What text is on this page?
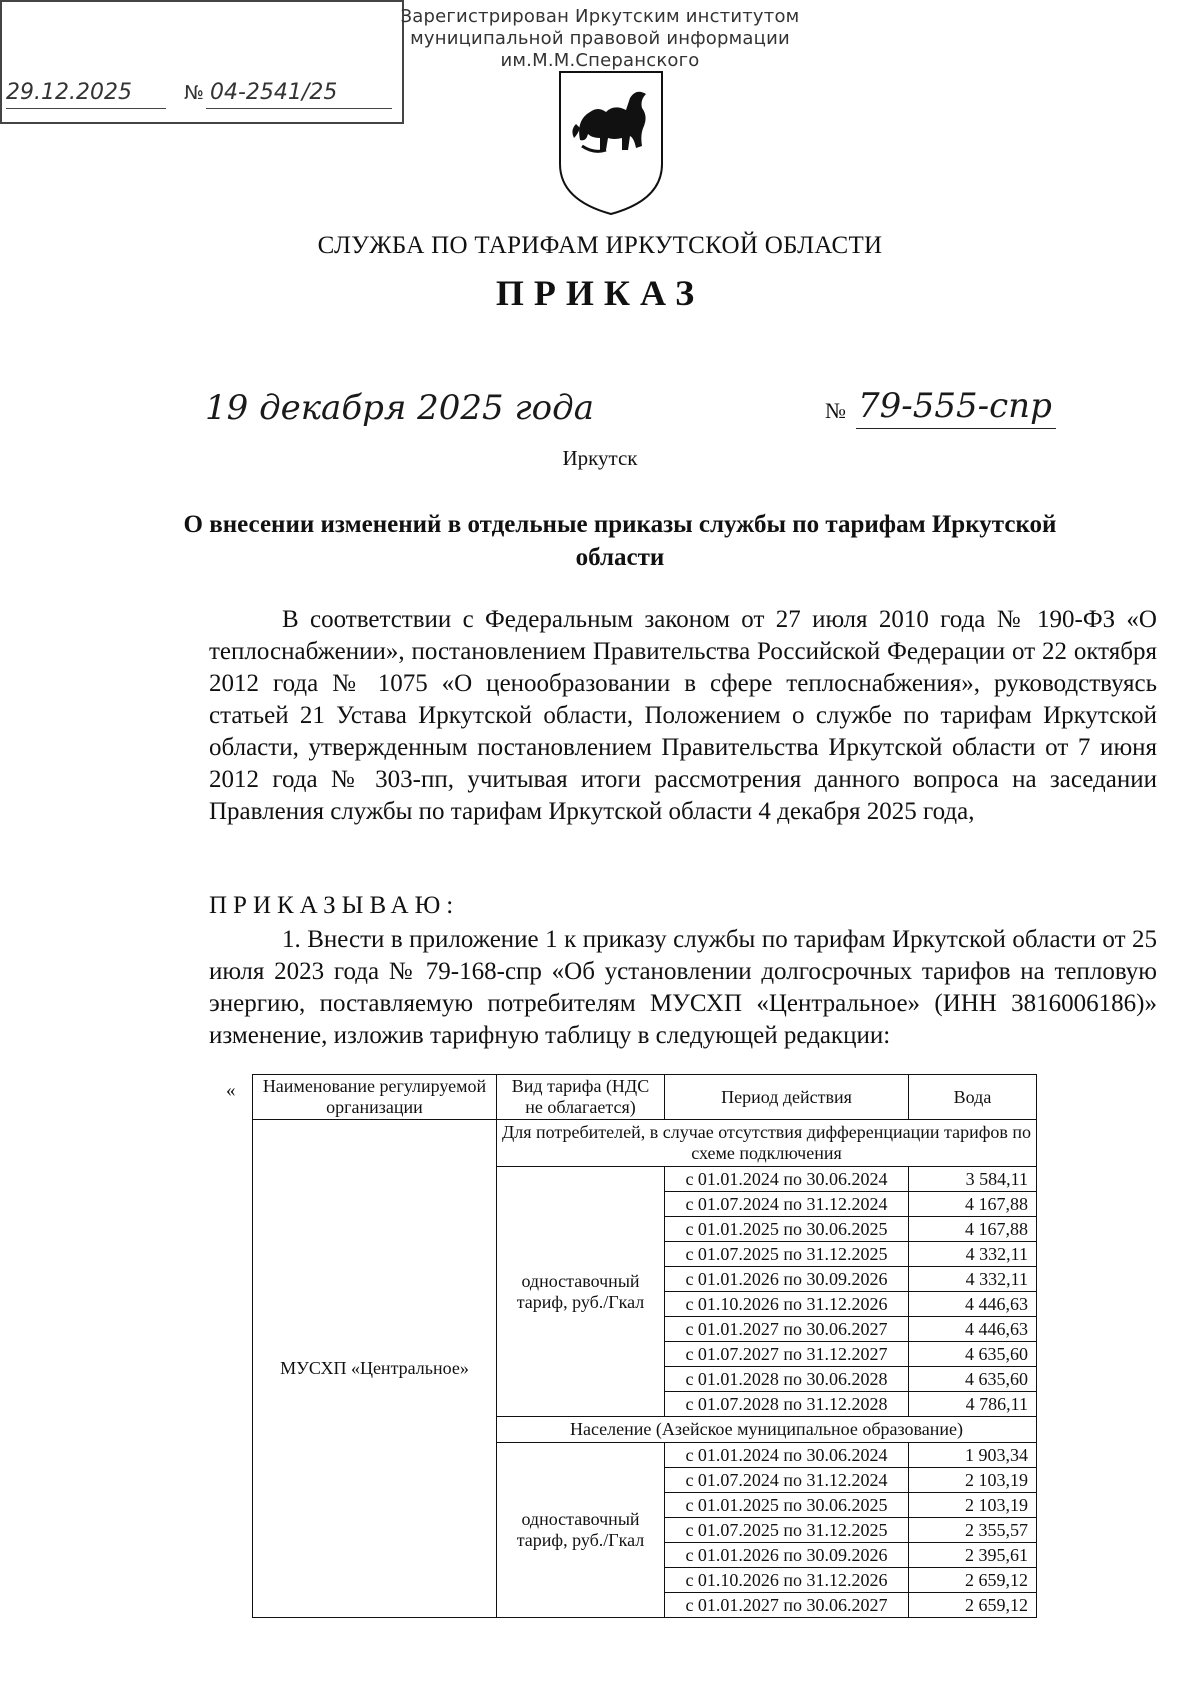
Зарегистрирован Иркутским институтом
муниципальной правовой информации
им.М.М.Сперанского
29.12.2025	№ 04-2541/25
СЛУЖБА ПО ТАРИФАМ ИРКУТСКОЙ ОБЛАСТИ
ПРИКАЗ
19 декабря 2025 года	№ 79-555-спр
Иркутск
О внесении изменений в отдельные приказы службы по тарифам Иркутской области
В соответствии с Федеральным законом от 27 июля 2010 года № 190-ФЗ «О теплоснабжении», постановлением Правительства Российской Федерации от 22 октября 2012 года № 1075 «О ценообразовании в сфере теплоснабжения», руководствуясь статьей 21 Устава Иркутской области, Положением о службе по тарифам Иркутской области, утвержденным постановлением Правительства Иркутской области от 7 июня 2012 года № 303-пп, учитывая итоги рассмотрения данного вопроса на заседании Правления службы по тарифам Иркутской области 4 декабря 2025 года,
ПРИКАЗЫВАЮ:
1. Внести в приложение 1 к приказу службы по тарифам Иркутской области от 25 июля 2023 года № 79-168-спр «Об установлении долгосрочных тарифов на тепловую энергию, поставляемую потребителям МУСХП «Центральное» (ИНН 3816006186)» изменение, изложив тарифную таблицу в следующей редакции:
« Наименование регулируемой организации	Вид тарифа (НДС не облагается)	Период действия	Вода
МУСХП «Центральное»	Для потребителей, в случае отсутствия дифференциации тарифов по схеме подключения		
	одноставочный тариф, руб./Гкал	с 01.01.2024 по 30.06.2024	3 584,11
		с 01.07.2024 по 31.12.2024	4 167,88
		с 01.01.2025 по 30.06.2025	4 167,88
		с 01.07.2025 по 31.12.2025	4 332,11
		с 01.01.2026 по 30.09.2026	4 332,11
		с 01.10.2026 по 31.12.2026	4 446,63
		с 01.01.2027 по 30.06.2027	4 446,63
		с 01.07.2027 по 31.12.2027	4 635,60
		с 01.01.2028 по 30.06.2028	4 635,60
		с 01.07.2028 по 31.12.2028	4 786,11
	Население (Азейское муниципальное образование)		
	одноставочный тариф, руб./Гкал	с 01.01.2024 по 30.06.2024	1 903,34
		с 01.07.2024 по 31.12.2024	2 103,19
		с 01.01.2025 по 30.06.2025	2 103,19
		с 01.07.2025 по 31.12.2025	2 355,57
		с 01.01.2026 по 30.09.2026	2 395,61
		с 01.10.2026 по 31.12.2026	2 659,12
		с 01.01.2027 по 30.06.2027	2 659,12
